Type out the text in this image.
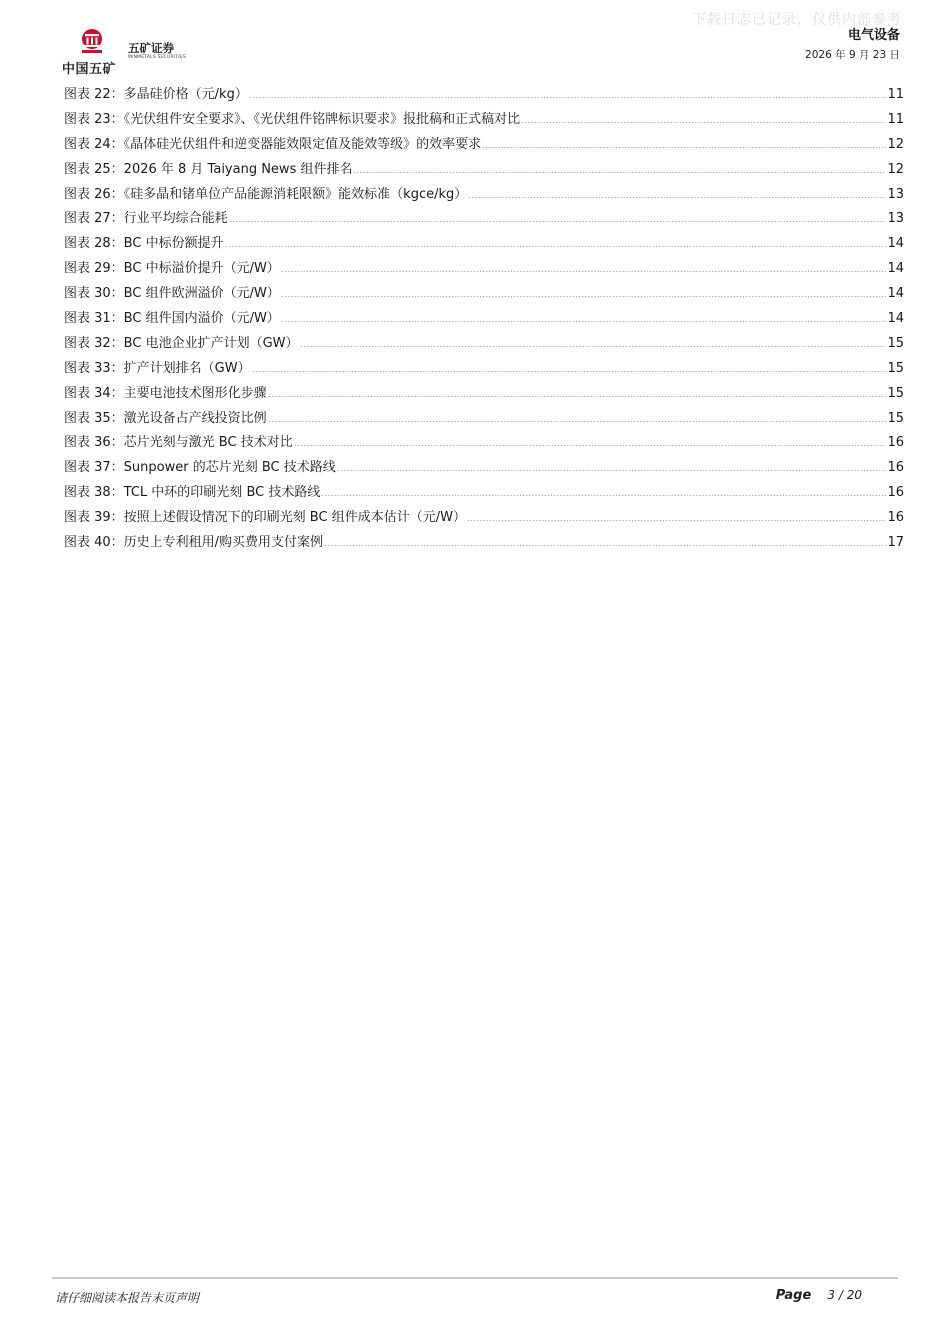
下载日志已记录，仅供内部参考
中国五矿
五矿证券
MINMETALS SECURITIES
电气设备
2026 年 9 月 23 日
图表 22：多晶硅价格（元/kg）	11
图表 23：《光伏组件安全要求》、《光伏组件铭牌标识要求》报批稿和正式稿对比	11
图表 24：《晶体硅光伏组件和逆变器能效限定值及能效等级》的效率要求	12
图表 25：2026 年 8 月 Taiyang News 组件排名	12
图表 26：《硅多晶和锗单位产品能源消耗限额》能效标准（kgce/kg）	13
图表 27：行业平均综合能耗	13
图表 28：BC 中标份额提升	14
图表 29：BC 中标溢价提升（元/W）	14
图表 30：BC 组件欧洲溢价（元/W）	14
图表 31：BC 组件国内溢价（元/W）	14
图表 32：BC 电池企业扩产计划（GW）	15
图表 33：扩产计划排名（GW）	15
图表 34：主要电池技术图形化步骤	15
图表 35：激光设备占产线投资比例	15
图表 36：芯片光刻与激光 BC 技术对比	16
图表 37：Sunpower 的芯片光刻 BC 技术路线	16
图表 38：TCL 中环的印刷光刻 BC 技术路线	16
图表 39：按照上述假设情况下的印刷光刻 BC 组件成本估计（元/W）	16
图表 40：历史上专利租用/购买费用支付案例	17
请仔细阅读本报告末页声明	Page 3 / 20
